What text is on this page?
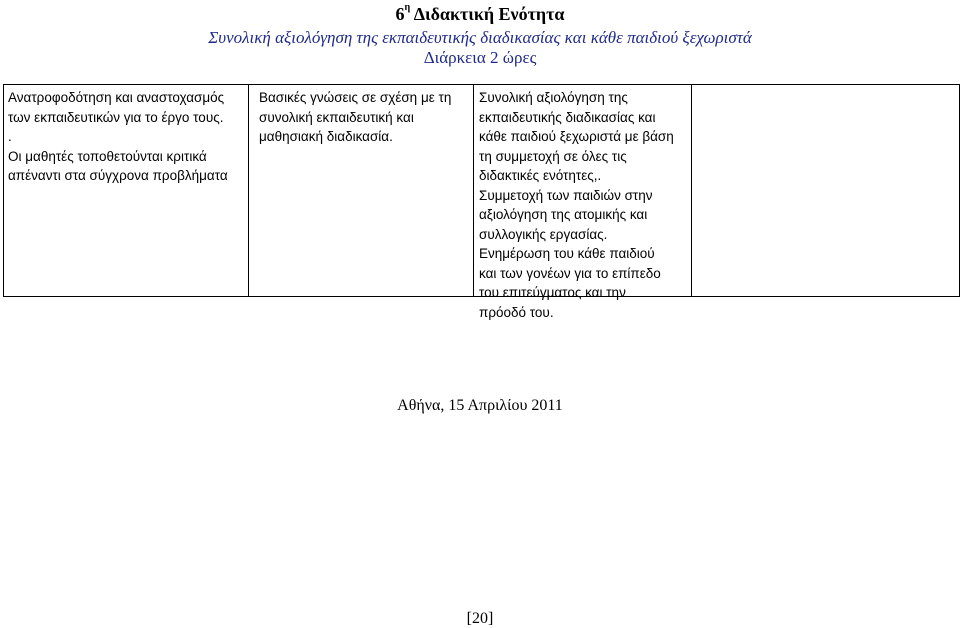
$6^\eta$ Διδακτική Ενότητα
Συνολική αξιολόγηση της εκπαιδευτικής διαδικασίας και κάθε παιδιού ξεχωριστά
Διάρκεια 2 ώρες
Ανατροφοδότηση και αναστοχασμός
των εκπαιδευτικών για το έργο τους.
.
Οι μαθητές τοποθετούνται κριτικά
απέναντι στα σύγχρονα προβλήματα
Βασικές γνώσεις σε σχέση με τη
συνολική εκπαιδευτική και
μαθησιακή διαδικασία.
Συνολική αξιολόγηση της
εκπαιδευτικής διαδικασίας και
κάθε παιδιού ξεχωριστά με βάση
τη συμμετοχή σε όλες τις
διδακτικές ενότητες,.
Συμμετοχή των παιδιών στην
αξιολόγηση της ατομικής και
συλλογικής εργασίας.
Ενημέρωση του κάθε παιδιού
και των γονέων για το επίπεδο
του επιτεύγματος και την
πρόοδό του.
Αθήνα, 15 Απριλίου 2011
[20]
